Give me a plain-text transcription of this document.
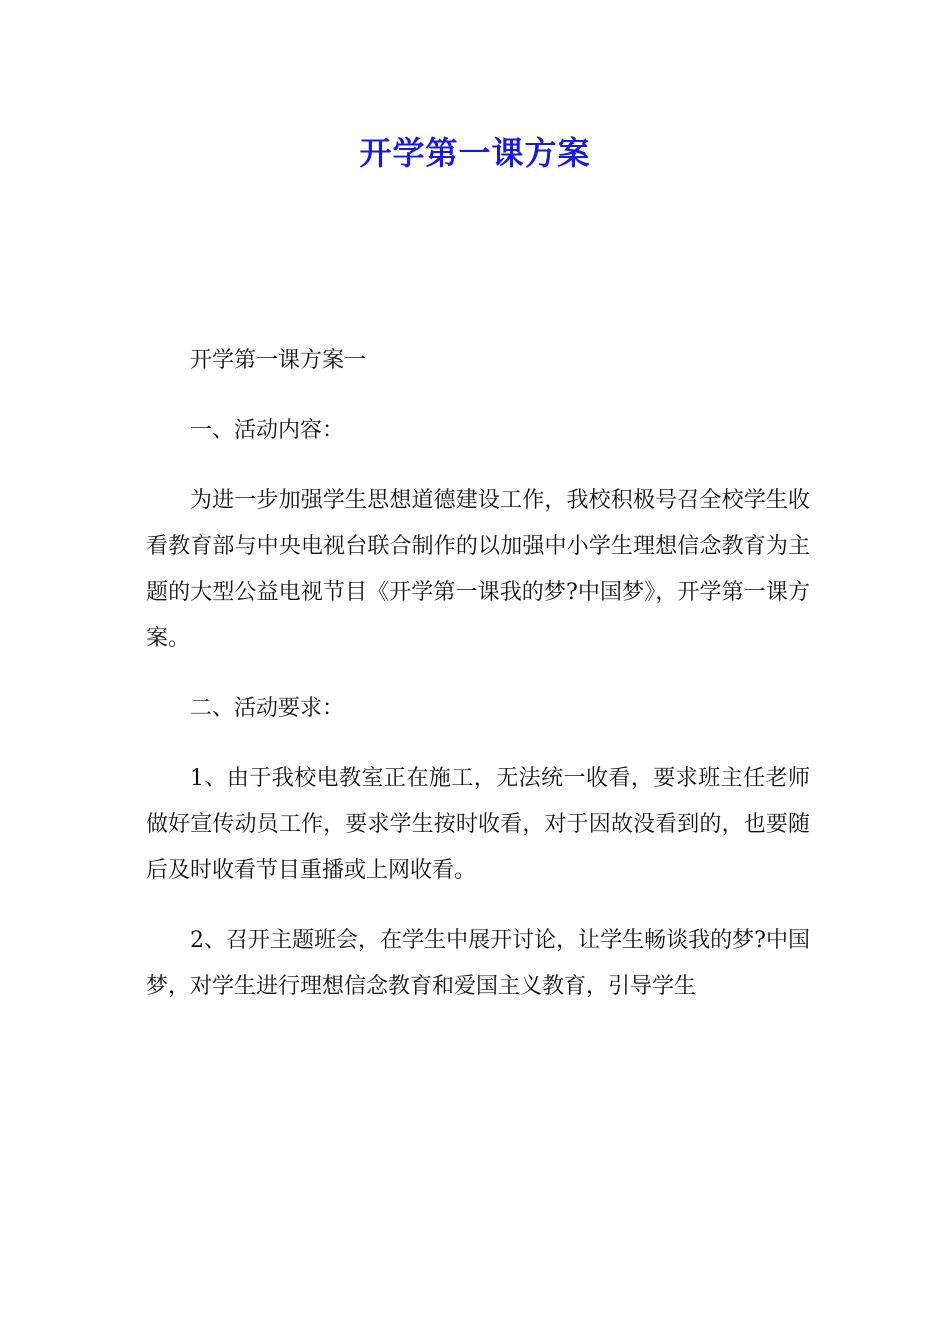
开学第一课方案

开学第一课方案一

一、活动内容：

为进一步加强学生思想道德建设工作，我校积极号召全校学生收看教育部与中央电视台联合制作的以加强中小学生理想信念教育为主题的大型公益电视节目《开学第一课我的梦?中国梦》，开学第一课方案。

二、活动要求：

1、由于我校电教室正在施工，无法统一收看，要求班主任老师做好宣传动员工作，要求学生按时收看，对于因故没看到的，也要随后及时收看节目重播或上网收看。

2、召开主题班会，在学生中展开讨论，让学生畅谈我的梦?中国梦，对学生进行理想信念教育和爱国主义教育，引导学生
